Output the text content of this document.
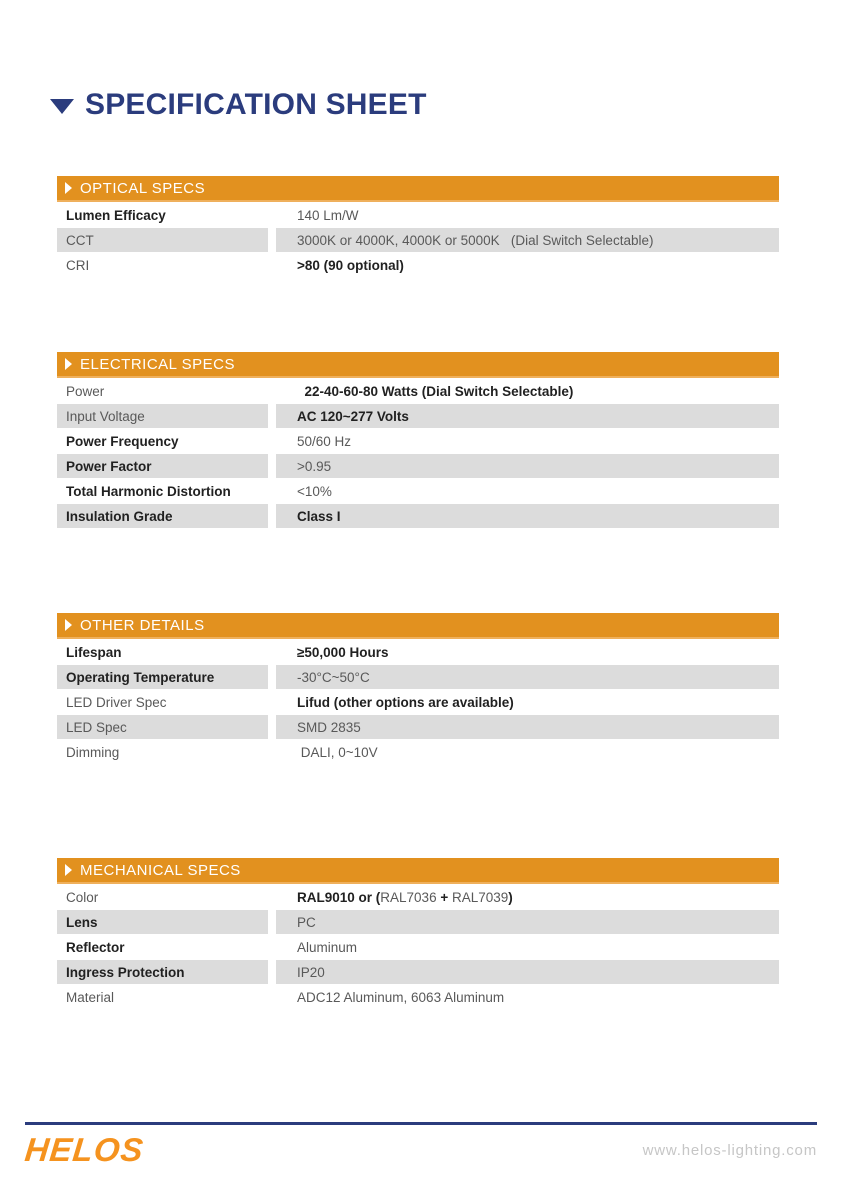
SPECIFICATION SHEET
OPTICAL SPECS
Lumen Efficacy	140 Lm/W
CCT	3000K or 4000K, 4000K or 5000K   (Dial Switch Selectable)
CRI	>80 (90 optional)
ELECTRICAL SPECS
Power	22-40-60-80 Watts (Dial Switch Selectable)
Input Voltage	AC 120~277 Volts
Power Frequency	50/60 Hz
Power Factor	>0.95
Total Harmonic Distortion	<10%
Insulation Grade	Class I
OTHER DETAILS
Lifespan	≥50,000 Hours
Operating Temperature	-30°C~50°C
LED Driver Spec	Lifud (other options are available)
LED Spec	SMD 2835
Dimming	DALI, 0~10V
MECHANICAL SPECS
Color	RAL9010 or ( RAL7036 + RAL7039 )
Lens	PC
Reflector	Aluminum
Ingress Protection	IP20
Material	ADC12 Aluminum, 6063 Aluminum
HELOS	www.helos-lighting.com
